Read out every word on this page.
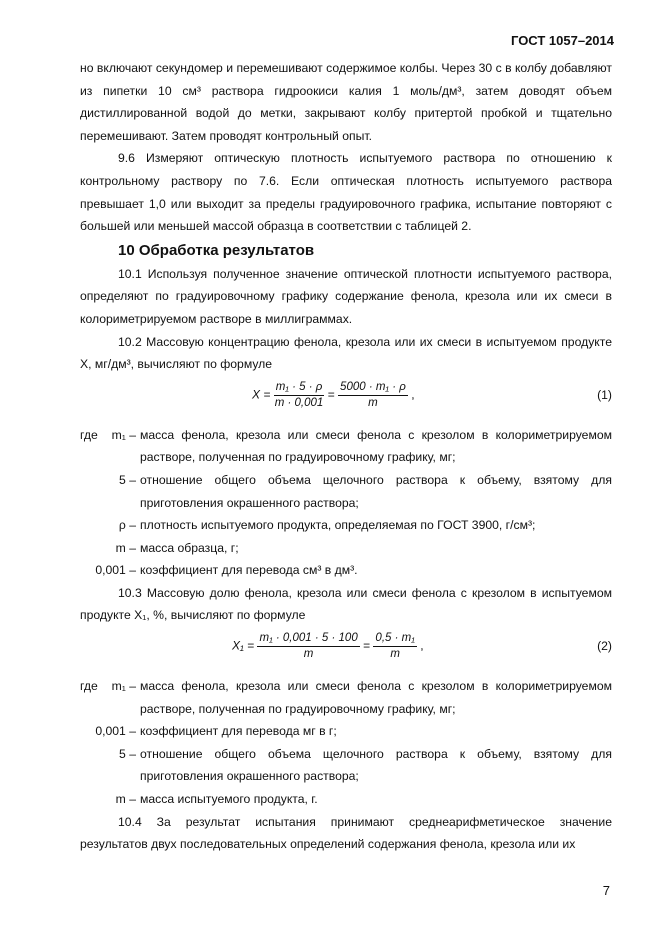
ГОСТ 1057–2014

но включают секундомер и перемешивают содержимое колбы. Через 30 с в колбу добавляют из пипетки 10 см³ раствора гидроокиси калия 1 моль/дм³, затем доводят объем дистиллированной водой до метки, закрывают колбу притертой пробкой и тщательно перемешивают. Затем проводят контрольный опыт.

9.6 Измеряют оптическую плотность испытуемого раствора по отношению к контрольному раствору по 7.6. Если оптическая плотность испытуемого раствора превышает 1,0 или выходит за пределы градуировочного графика, испытание повторяют с большей или меньшей массой образца в соответствии с таблицей 2.

10 Обработка результатов

10.1 Используя полученное значение оптической плотности испытуемого раствора, определяют по градуировочному графику содержание фенола, крезола или их смеси в колориметрируемом растворе в миллиграммах.

10.2 Массовую концентрацию фенола, крезола или их смеси в испытуемом продукте X, мг/дм³, вычисляют по формуле

$X = \frac{\text{m₁ · 5 · ρ}}{m \cdot 0,001} = \frac{\text{5000 · m₁ · ρ}}{m}$ ,	(1)
где m₁ – масса фенола, крезола или смеси фенола с крезолом в колориметрируемом растворе, полученная по градуировочному графику, мг;
5 – отношение общего объема щелочного раствора к объему, взятому для приготовления окрашенного раствора;
ρ – плотность испытуемого продукта, определяемая по ГОСТ 3900, г/см³;
m – масса образца, г;
0,001 – коэффициент для перевода см³ в дм³.

10.3 Массовую долю фенола, крезола или смеси фенола с крезолом в испытуемом продукте X₁, %, вычисляют по формуле

$X_1 = \frac{\text{m₁ · 0,001 · 5 · 100}}{m} = \frac{\text{0,5 · m₁}}{m}$ ,	(2)
где m₁ – масса фенола, крезола или смеси фенола с крезолом в колориметрируемом растворе, полученная по градуировочному графику, мг;
0,001 – коэффициент для перевода мг в г;
5 – отношение общего объема щелочного раствора к объему, взятому для приготовления окрашенного раствора;
m – масса испытуемого продукта, г.

10.4 За результат испытания принимают среднеарифметическое значение результатов двух последовательных определений содержания фенола, крезола или их

7
